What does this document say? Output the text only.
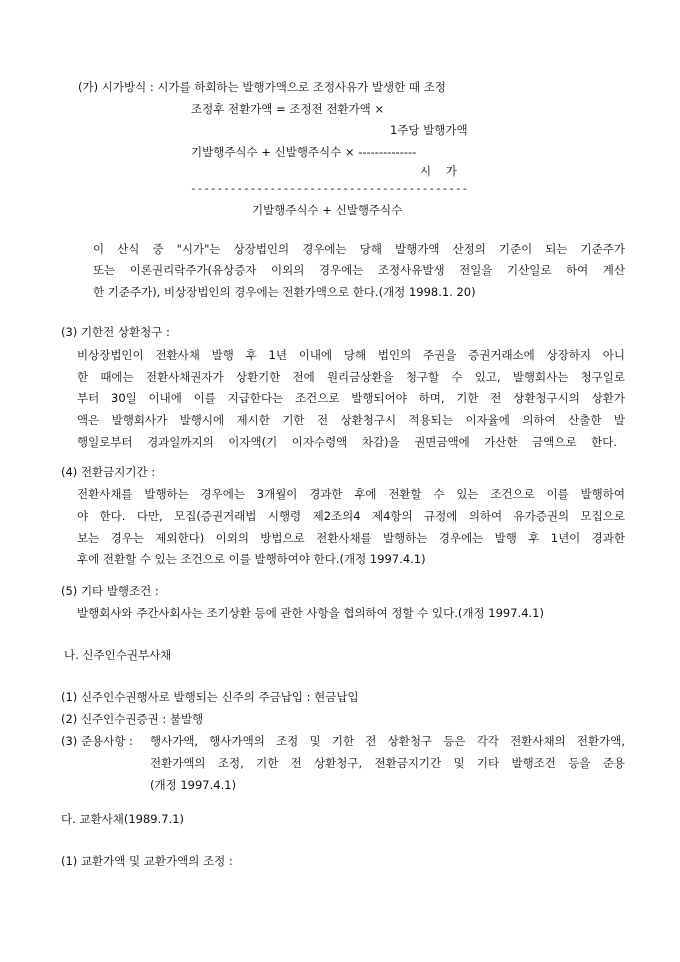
(가) 시가방식 : 시가를 하회하는 발행가액으로 조정사유가 발생한 때 조정
조정후 전환가액 = 조정전 전환가액 ×
1주당 발행가액
기발행주식수 + 신발행주식수 × --------------
시    가
------------------------------------------
기발행주식수 + 신발행주식수
이 산식 중 "시가"는 상장법인의 경우에는 당해 발행가액 산정의 기준이 되는 기준주가
또는 이론권리락주가(유상증자 이외의 경우에는 조정사유발생 전일을 기산일로 하여 계산
한 기준주가), 비상장법인의 경우에는 전환가액으로 한다.(개정 1998.1. 20)
(3) 기한전 상환청구 :
비상장법인이 전환사채 발행 후 1년 이내에 당해 법인의 주권을 증권거래소에 상장하지 아니
한 때에는 전환사채권자가 상환기한 전에 원리금상환을 청구할 수 있고, 발행회사는 청구일로
부터 30일 이내에 이를 지급한다는 조건으로 발행되어야 하며, 기한 전 상환청구시의 상환가
액은 발행회사가 발행시에 제시한 기한 전 상환청구시 적용되는 이자율에 의하여 산출한 발
행일로부터 경과일까지의 이자액(기 이자수령액 차감)을 권면금액에 가산한 금액으로 한다.
(4) 전환금지기간 :
전환사채를 발행하는 경우에는 3개월이 경과한 후에 전환할 수 있는 조건으로 이를 발행하여
야 한다. 다만, 모집(증권거래법 시행령 제2조의4 제4항의 규정에 의하여 유가증권의 모집으로
보는 경우는 제외한다) 이외의 방법으로 전환사채를 발행하는 경우에는 발행 후 1년이 경과한
후에 전환할 수 있는 조건으로 이를 발행하여야 한다.(개정 1997.4.1)
(5) 기타 발행조건 :
발행회사와 주간사회사는 조기상환 등에 관한 사항을 협의하여 정할 수 있다.(개정 1997.4.1)
나. 신주인수권부사채
(1) 신주인수권행사로 발행되는 신주의 주금납입 : 현금납입
(2) 신주인수권증권 : 불발행
(3) 준용사항 : 행사가액, 행사가액의 조정 및 기한 전 상환청구 등은 각각 전환사채의 전환가액,
전환가액의 조정, 기한 전 상환청구, 전환금지기간 및 기타 발행조건 등을 준용
(개정 1997.4.1)
다. 교환사채(1989.7.1)
(1) 교환가액 및 교환가액의 조정 :
